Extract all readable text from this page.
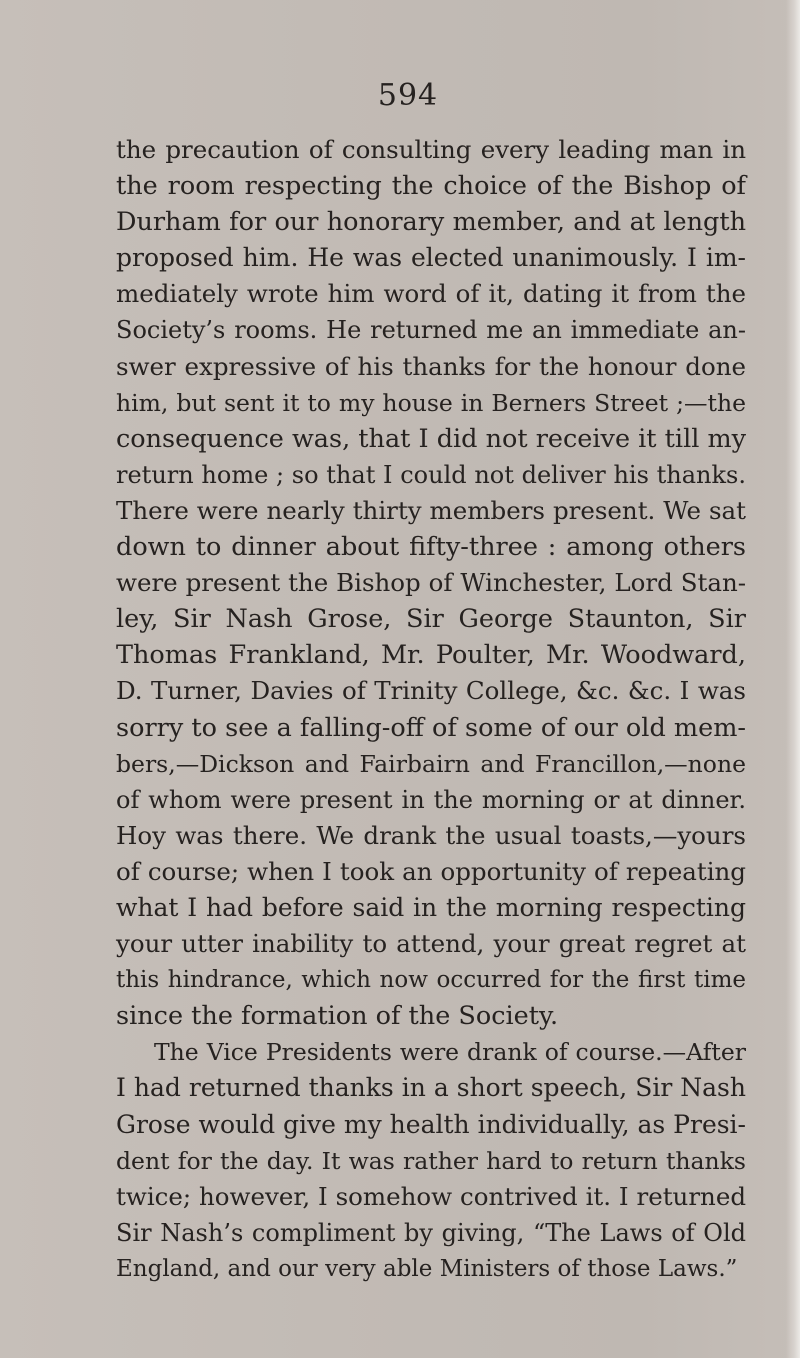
594
the precaution of consulting every leading man in
the room respecting the choice of the Bishop of
Durham for our honorary member, and at length
proposed him. He was elected unanimously. I im-
mediately wrote him word of it, dating it from the
Society’s rooms. He returned me an immediate an-
swer expressive of his thanks for the honour done
him, but sent it to my house in Berners Street ;—the
consequence was, that I did not receive it till my
return home ; so that I could not deliver his thanks.
There were nearly thirty members present. We sat
down to dinner about fifty-three : among others
were present the Bishop of Winchester, Lord Stan-
ley, Sir Nash Grose, Sir George Staunton, Sir
Thomas Frankland, Mr. Poulter, Mr. Woodward,
D. Turner, Davies of Trinity College, &c. &c. I was
sorry to see a falling-off of some of our old mem-
bers,—Dickson and Fairbairn and Francillon,—none
of whom were present in the morning or at dinner.
Hoy was there. We drank the usual toasts,—yours
of course; when I took an opportunity of repeating
what I had before said in the morning respecting
your utter inability to attend, your great regret at
this hindrance, which now occurred for the first time
since the formation of the Society.
The Vice Presidents were drank of course.—After
I had returned thanks in a short speech, Sir Nash
Grose would give my health individually, as Presi-
dent for the day. It was rather hard to return thanks
twice; however, I somehow contrived it. I returned
Sir Nash’s compliment by giving, “The Laws of Old
England, and our very able Ministers of those Laws.”
